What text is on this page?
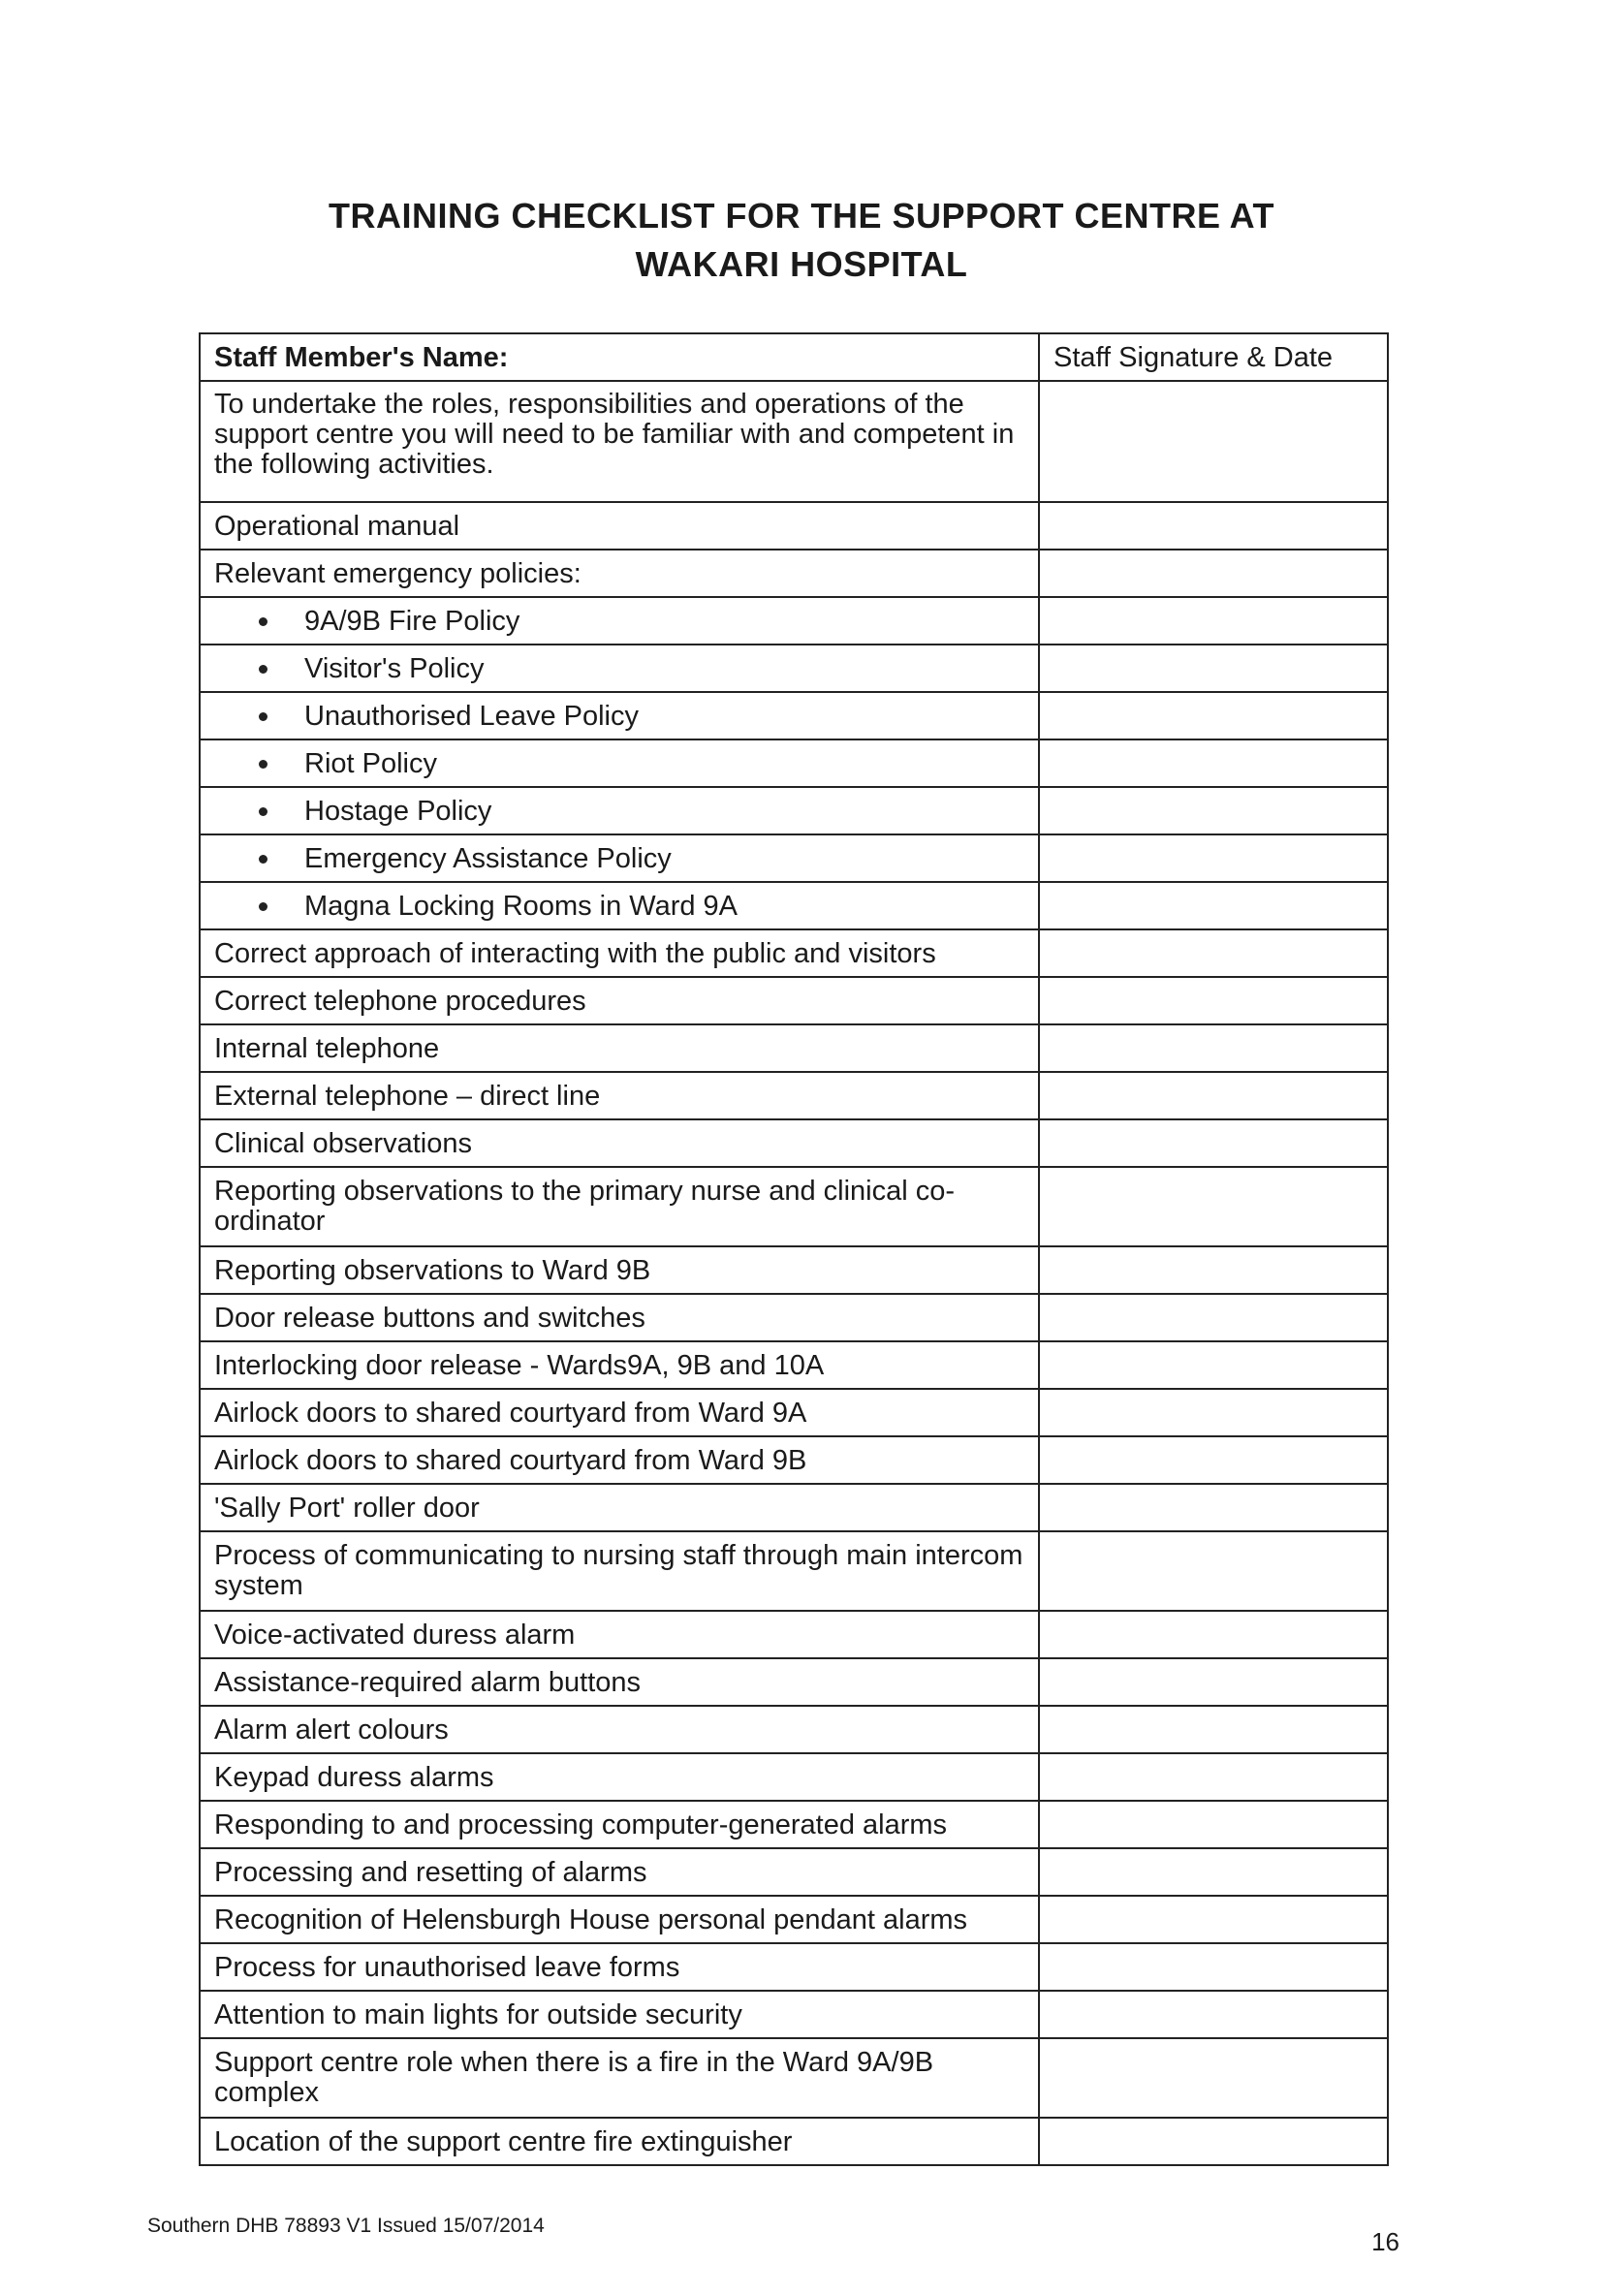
TRAINING CHECKLIST FOR THE SUPPORT CENTRE AT
WAKARI HOSPITAL
Staff Member's Name:	Staff Signature & Date
To undertake the roles, responsibilities and operations of the support centre you will need to be familiar with and competent in the following activities.	
Operational manual	
Relevant emergency policies:	
9A/9B Fire Policy	
Visitor's Policy	
Unauthorised Leave Policy	
Riot Policy	
Hostage Policy	
Emergency Assistance Policy	
Magna Locking Rooms in Ward 9A	
Correct approach of interacting with the public and visitors	
Correct telephone procedures	
Internal telephone	
External telephone – direct line	
Clinical observations	
Reporting observations to the primary nurse and clinical co-ordinator	
Reporting observations to Ward 9B	
Door release buttons and switches	
Interlocking door release - Wards9A, 9B and 10A	
Airlock doors to shared courtyard from Ward 9A	
Airlock doors to shared courtyard from Ward 9B	
'Sally Port' roller door	
Process of communicating to nursing staff through main intercom system	
Voice-activated duress alarm	
Assistance-required alarm buttons	
Alarm alert colours	
Keypad duress alarms	
Responding to and processing computer-generated alarms	
Processing and resetting of alarms	
Recognition of Helensburgh House personal pendant alarms	
Process for unauthorised leave forms	
Attention to main lights for outside security	
Support centre role when there is a fire in the Ward 9A/9B complex	
Location of the support centre fire extinguisher	
Southern DHB 78893 V1 Issued 15/07/2014
16
